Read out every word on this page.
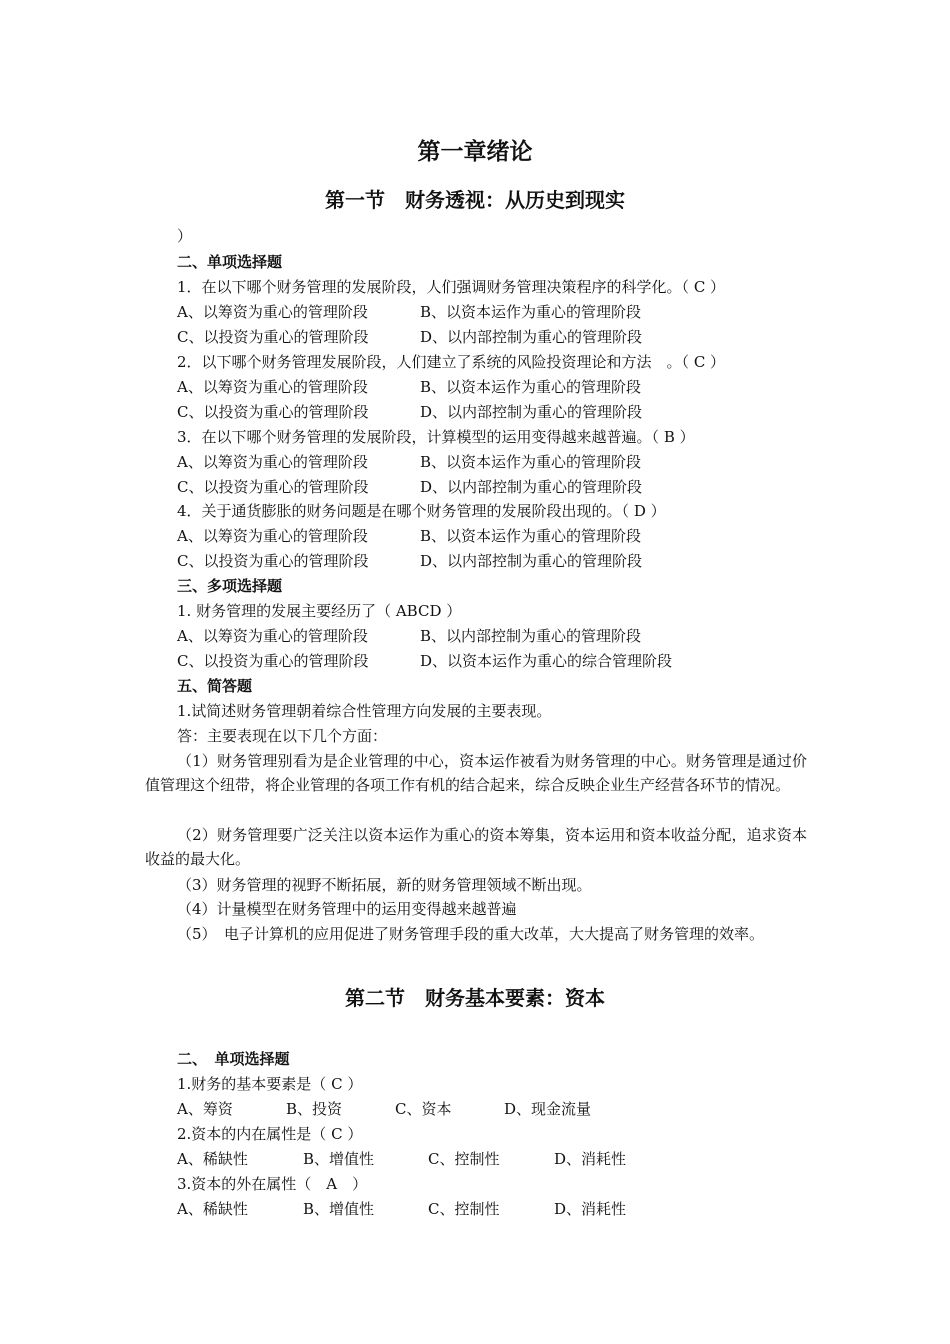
第一章绪论
第一节　财务透视：从历史到现实
）
二、单项选择题
1．在以下哪个财务管理的发展阶段，人们强调财务管理决策程序的科学化。（ C ）
A、以筹资为重心的管理阶段	B、以资本运作为重心的管理阶段
C、以投资为重心的管理阶段	D、以内部控制为重心的管理阶段
2．以下哪个财务管理发展阶段，人们建立了系统的风险投资理论和方法　。（ C ）
A、以筹资为重心的管理阶段	B、以资本运作为重心的管理阶段
C、以投资为重心的管理阶段	D、以内部控制为重心的管理阶段
3．在以下哪个财务管理的发展阶段，计算模型的运用变得越来越普遍。（ B ）
A、以筹资为重心的管理阶段	B、以资本运作为重心的管理阶段
C、以投资为重心的管理阶段	D、以内部控制为重心的管理阶段
4．关于通货膨胀的财务问题是在哪个财务管理的发展阶段出现的。（ D ）
A、以筹资为重心的管理阶段	B、以资本运作为重心的管理阶段
C、以投资为重心的管理阶段	D、以内部控制为重心的管理阶段
三、多项选择题
1. 财务管理的发展主要经历了（ ABCD ）
A、以筹资为重心的管理阶段	B、以内部控制为重心的管理阶段
C、以投资为重心的管理阶段	D、以资本运作为重心的综合管理阶段
五、简答题
1.试简述财务管理朝着综合性管理方向发展的主要表现。
答：主要表现在以下几个方面：
（1）财务管理别看为是企业管理的中心，资本运作被看为财务管理的中心。财务管理是通过价值管理这个纽带，将企业管理的各项工作有机的结合起来，综合反映企业生产经营各环节的情况。
（2）财务管理要广泛关注以资本运作为重心的资本筹集，资本运用和资本收益分配，追求资本收益的最大化。
（3）财务管理的视野不断拓展，新的财务管理领域不断出现。
（4）计量模型在财务管理中的运用变得越来越普遍
（5）　电子计算机的应用促进了财务管理手段的重大改革，大大提高了财务管理的效率。
第二节　财务基本要素：资本
二、　单项选择题
1.财务的基本要素是（ C ）
A、筹资	B、投资	C、资本	D、现金流量
2.资本的内在属性是（ C ）
A、稀缺性	B、增值性	C、控制性	D、消耗性
3.资本的外在属性（　A　）
A、稀缺性	B、增值性	C、控制性	D、消耗性
